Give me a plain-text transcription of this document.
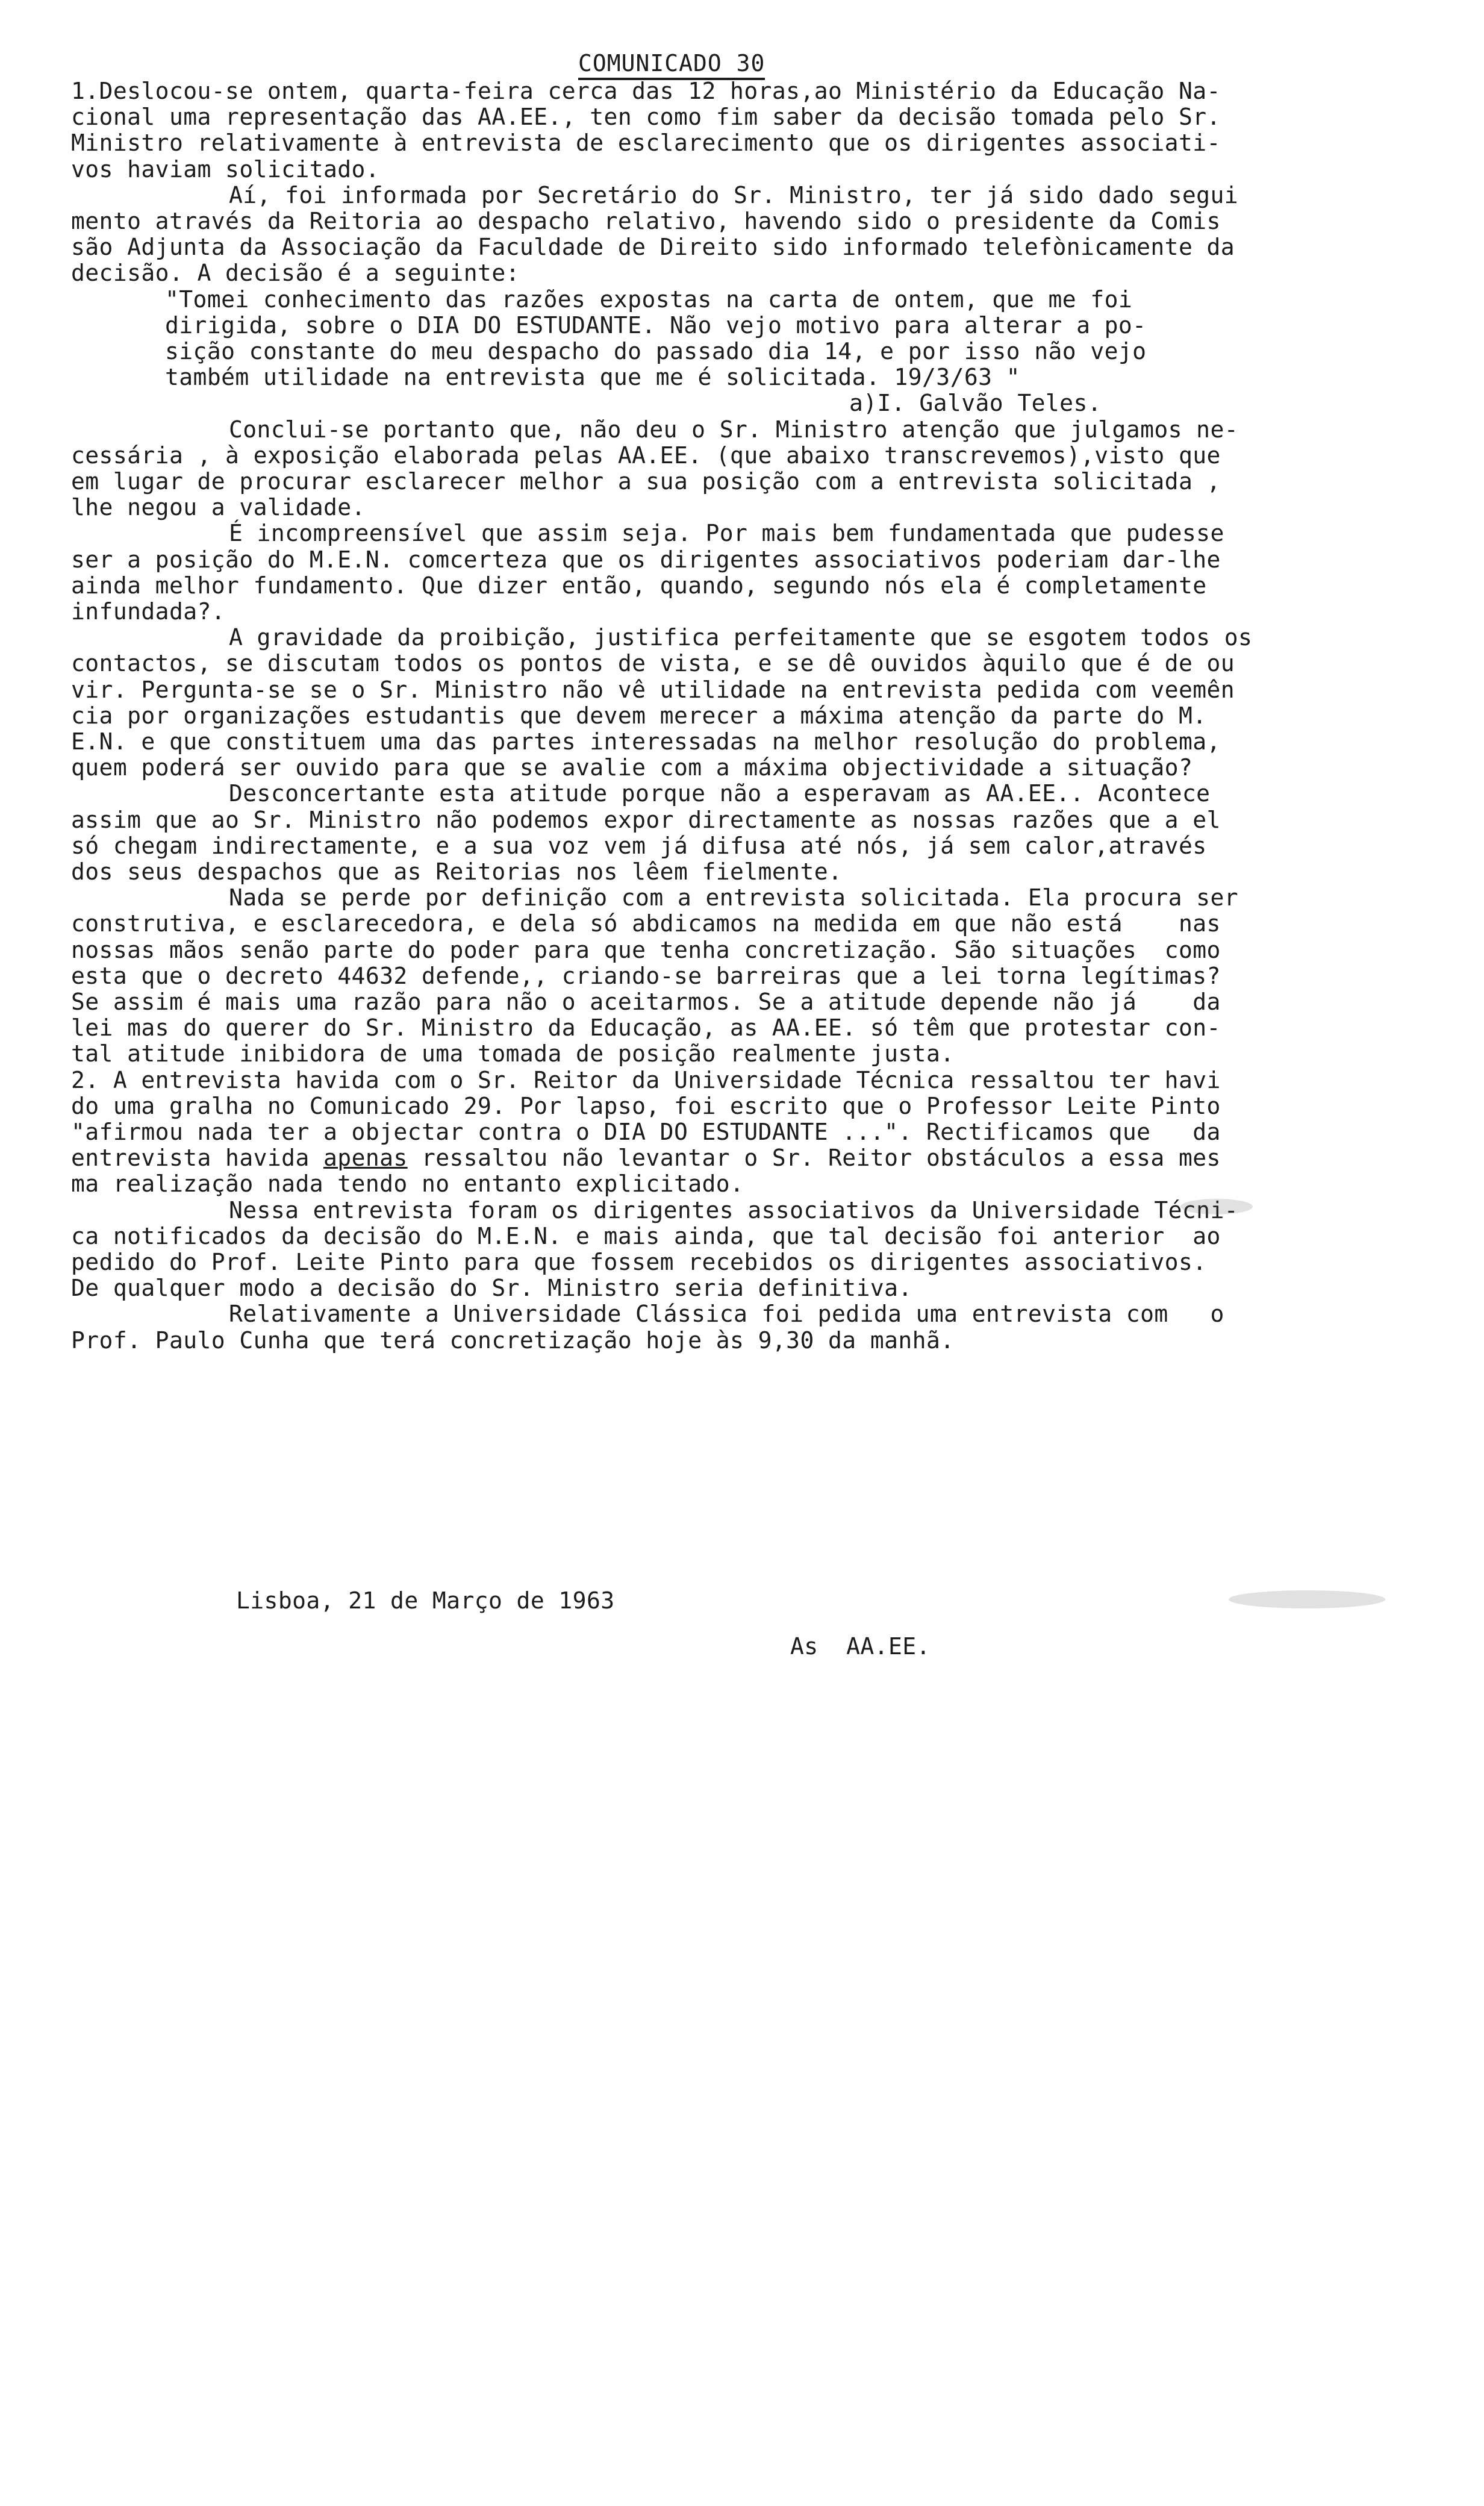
COMUNICADO 30
1.Deslocou-se ontem, quarta-feira cerca das 12 horas,ao Ministério da Educação Na-
cional uma representação das AA.EE., ten como fim saber da decisão tomada pelo Sr.
Ministro relativamente à entrevista de esclarecimento que os dirigentes associati-
vos haviam solicitado.
Aí, foi informada por Secretário do Sr. Ministro, ter já sido dado segui
mento através da Reitoria ao despacho relativo, havendo sido o presidente da Comis
são Adjunta da Associação da Faculdade de Direito sido informado telefònicamente da
decisão. A decisão é a seguinte:
"Tomei conhecimento das razões expostas na carta de ontem, que me foi
dirigida, sobre o DIA DO ESTUDANTE. Não vejo motivo para alterar a po-
sição constante do meu despacho do passado dia 14, e por isso não vejo
também utilidade na entrevista que me é solicitada. 19/3/63 "
a)I. Galvão Teles.
Conclui-se portanto que, não deu o Sr. Ministro atenção que julgamos ne-
cessária , à exposição elaborada pelas AA.EE. (que abaixo transcrevemos),visto que
em lugar de procurar esclarecer melhor a sua posição com a entrevista solicitada ,
lhe negou a validade.
É incompreensível que assim seja. Por mais bem fundamentada que pudesse
ser a posição do M.E.N. comcerteza que os dirigentes associativos poderiam dar-lhe
ainda melhor fundamento. Que dizer então, quando, segundo nós ela é completamente
infundada?.
A gravidade da proibição, justifica perfeitamente que se esgotem todos os
contactos, se discutam todos os pontos de vista, e se dê ouvidos àquilo que é de ou
vir. Pergunta-se se o Sr. Ministro não vê utilidade na entrevista pedida com veemên
cia por organizações estudantis que devem merecer a máxima atenção da parte do M.
E.N. e que constituem uma das partes interessadas na melhor resolução do problema,
quem poderá ser ouvido para que se avalie com a máxima objectividade a situação?
Desconcertante esta atitude porque não a esperavam as AA.EE.. Acontece
assim que ao Sr. Ministro não podemos expor directamente as nossas razões que a el
só chegam indirectamente, e a sua voz vem já difusa até nós, já sem calor,através
dos seus despachos que as Reitorias nos lêem fielmente.
Nada se perde por definição com a entrevista solicitada. Ela procura ser
construtiva, e esclarecedora, e dela só abdicamos na medida em que não está    nas
nossas mãos senão parte do poder para que tenha concretização. São situações  como
esta que o decreto 44632 defende,, criando-se barreiras que a lei torna legítimas?
Se assim é mais uma razão para não o aceitarmos. Se a atitude depende não já    da
lei mas do querer do Sr. Ministro da Educação, as AA.EE. só têm que protestar con-
tal atitude inibidora de uma tomada de posição realmente justa.
2. A entrevista havida com o Sr. Reitor da Universidade Técnica ressaltou ter havi
do uma gralha no Comunicado 29. Por lapso, foi escrito que o Professor Leite Pinto
"afirmou nada ter a objectar contra o DIA DO ESTUDANTE ...". Rectificamos que   da
entrevista havida apenas ressaltou não levantar o Sr. Reitor obstáculos a essa mes
ma realização nada tendo no entanto explicitado.
Nessa entrevista foram os dirigentes associativos da Universidade Técni-
ca notificados da decisão do M.E.N. e mais ainda, que tal decisão foi anterior  ao
pedido do Prof. Leite Pinto para que fossem recebidos os dirigentes associativos.
De qualquer modo a decisão do Sr. Ministro seria definitiva.
Relativamente a Universidade Clássica foi pedida uma entrevista com   o
Prof. Paulo Cunha que terá concretização hoje às 9,30 da manhã.
Lisboa, 21 de Março de 1963
As  AA.EE.
